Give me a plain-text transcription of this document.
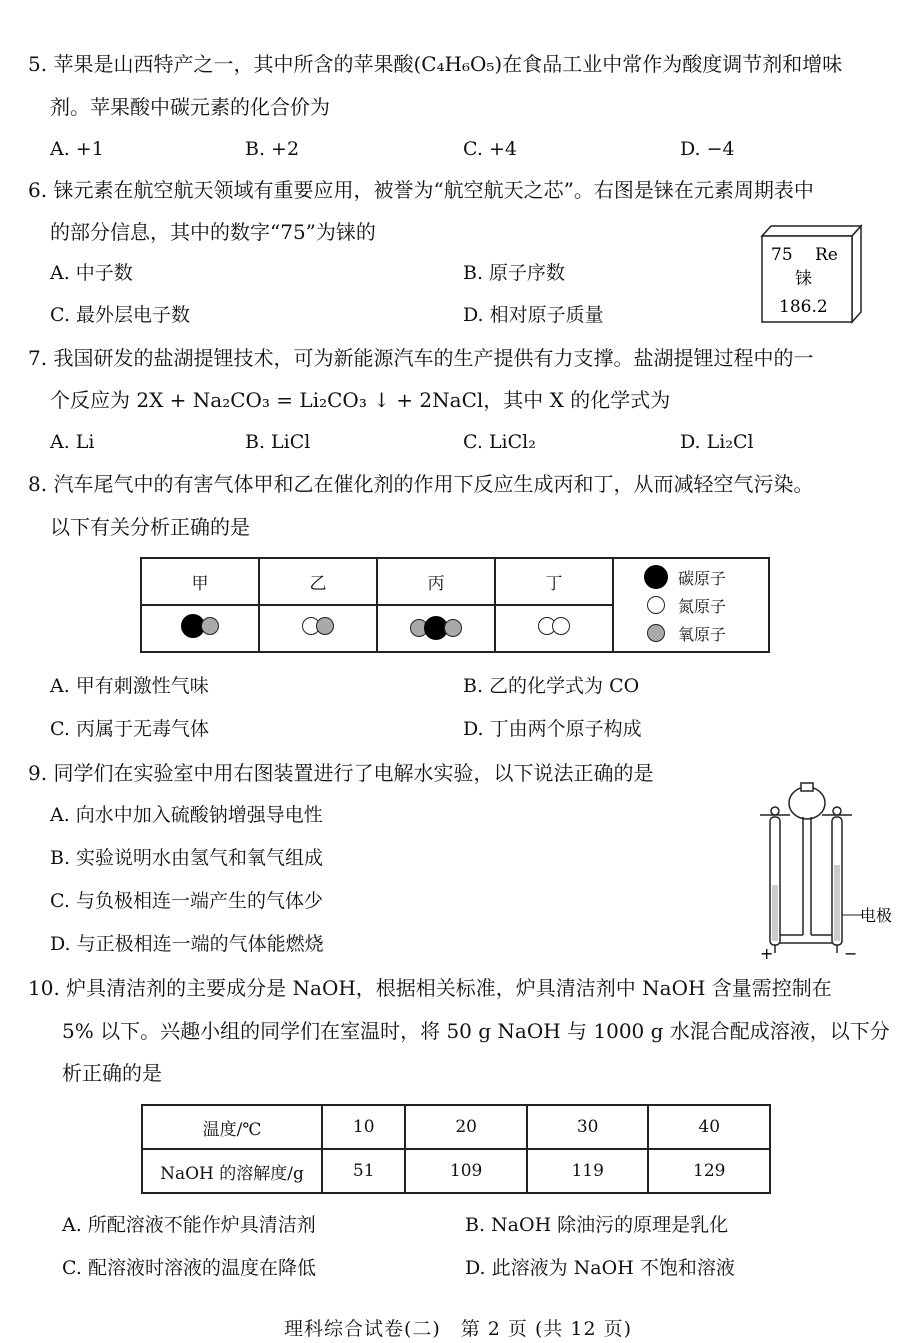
5. 苹果是山西特产之一，其中所含的苹果酸(C₄H₆O₅)在食品工业中常作为酸度调节剂和增味
剂。苹果酸中碳元素的化合价为
A. +1	B. +2	C. +4	D. −4
6. 铼元素在航空航天领域有重要应用，被誉为“航空航天之芯”。右图是铼在元素周期表中
的部分信息，其中的数字“75”为铼的
A. 中子数	B. 原子序数
C. 最外层电子数	D. 相对原子质量
75 Re
铼
186.2
7. 我国研发的盐湖提锂技术，可为新能源汽车的生产提供有力支撑。盐湖提锂过程中的一
个反应为 2X + Na₂CO₃ = Li₂CO₃ ↓ + 2NaCl，其中 X 的化学式为
A. Li	B. LiCl	C. LiCl₂	D. Li₂Cl
8. 汽车尾气中的有害气体甲和乙在催化剂的作用下反应生成丙和丁，从而减轻空气污染。
以下有关分析正确的是
甲	乙	丙	丁	碳原子
氮原子
氧原子

A. 甲有刺激性气味	B. 乙的化学式为 CO
C. 丙属于无毒气体	D. 丁由两个原子构成
9. 同学们在实验室中用右图装置进行了电解水实验，以下说法正确的是
A. 向水中加入硫酸钠增强导电性
B. 实验说明水由氢气和氧气组成
C. 与负极相连一端产生的气体少
D. 与正极相连一端的气体能燃烧	+	−
电极
10. 炉具清洁剂的主要成分是 NaOH，根据相关标准，炉具清洁剂中 NaOH 含量需控制在
5% 以下。兴趣小组的同学们在室温时，将 50 g NaOH 与 1000 g 水混合配成溶液，以下分
析正确的是
温度/℃	10	20	30	40
NaOH 的溶解度/g	51	109	119	129
A. 所配溶液不能作炉具清洁剂	B. NaOH 除油污的原理是乳化
C. 配溶液时溶液的温度在降低	D. 此溶液为 NaOH 不饱和溶液
理科综合试卷(二)　第 2 页 (共 12 页)
